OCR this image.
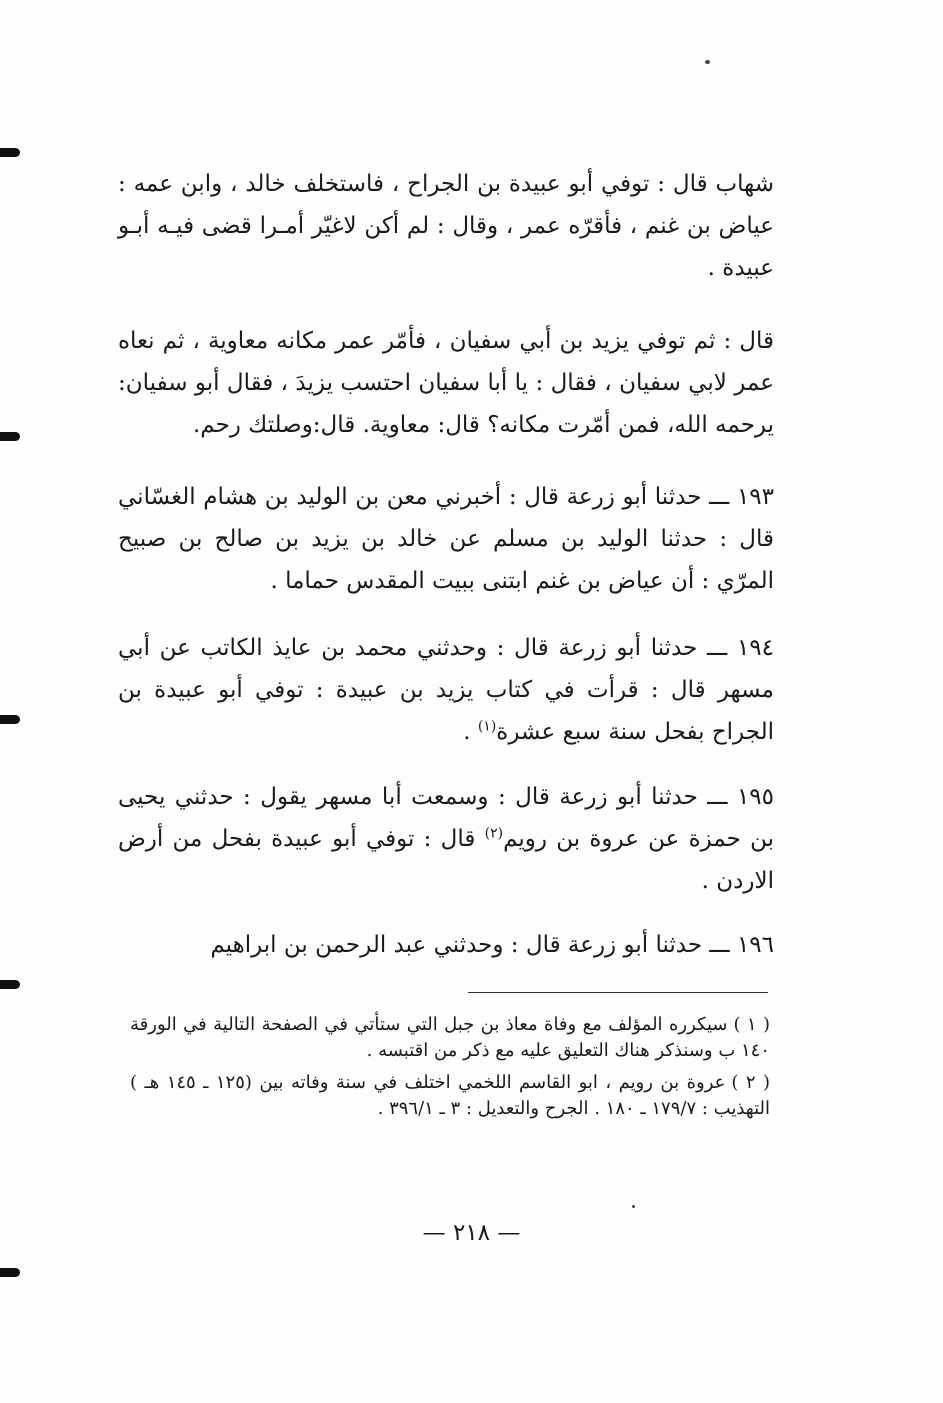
شهاب قال : توفي أبو عبيدة بن الجراح ، فاستخلف خالد ، وابن عمه : عياض بن غنم ، فأقرّه عمر ، وقال : لم أكن لاغيّر أمـرا قضى فيـه أبـو عبيدة .

قال : ثم توفي يزيد بن أبي سفيان ، فأمّر عمر مكانه معاوية ، ثم نعاه عمر لابي سفيان ، فقال : يا أبا سفيان احتسب يزيدَ ، فقال أبو سفيان: يرحمه الله، فمن أمّرت مكانه؟ قال: معاوية. قال:وصلتك رحم.

١٩٣ ـــ حدثنا أبو زرعة قال : أخبرني معن بن الوليد بن هشام الغسّاني قال : حدثنا الوليد بن مسلم عن خالد بن يزيد بن صالح بن صبيح المرّي : أن عياض بن غنم ابتنى ببيت المقدس حماما .

١٩٤ ـــ حدثنا أبو زرعة قال : وحدثني محمد بن عايذ الكاتب عن أبي مسهر قال : قرأت في كتاب يزيد بن عبيدة : توفي أبو عبيدة بن الجراح بفحل سنة سبع عشرة$^{(١)}$ .

١٩٥ ـــ حدثنا أبو زرعة قال : وسمعت أبا مسهر يقول : حدثني يحيى بن حمزة عن عروة بن رويم$^{(٢)}$ قال : توفي أبو عبيدة بفحل من أرض الاردن .

١٩٦ ـــ حدثنا أبو زرعة قال : وحدثني عبد الرحمن بن ابراهيم

( ١ )سيكرره المؤلف مع وفاة معاذ بن جبل التي ستأتي في الصفحة التالية في الورقة ١٤٠ ب وسنذكر هناك التعليق عليه مع ذكر من اقتبسه .

( ٢ )عروة بن رويم ، ابو القاسم اللخمي اختلف في سنة وفاته بين (١٢٥ ـ ١٤٥ هـ ) التهذيب : ١٧٩/٧ ـ ١٨٠ . الجرح والتعديل : ٣ ـ ٣٩٦/١ .

— ٢١٨ —
